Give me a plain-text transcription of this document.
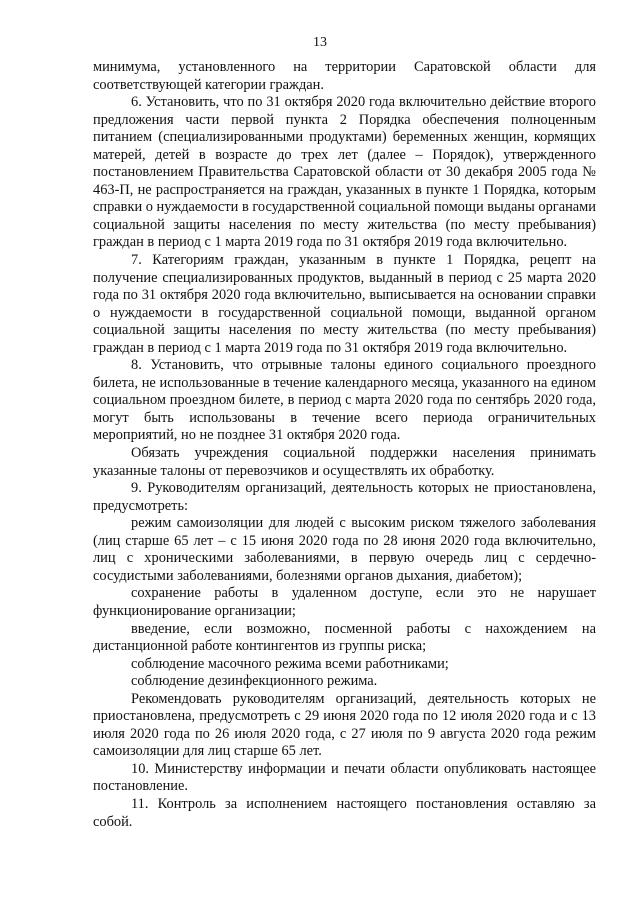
13

минимума, установленного на территории Саратовской области для соответствующей категории граждан.

6. Установить, что по 31 октября 2020 года включительно действие второго предложения части первой пункта 2 Порядка обеспечения полноценным питанием (специализированными продуктами) беременных женщин, кормящих матерей, детей в возрасте до трех лет (далее – Порядок), утвержденного постановлением Правительства Саратовской области от 30 декабря 2005 года № 463-П, не распространяется на граждан, указанных в пункте 1 Порядка, которым справки о нуждаемости в государственной социальной помощи выданы органами социальной защиты населения по месту жительства (по месту пребывания) граждан в период с 1 марта 2019 года по 31 октября 2019 года включительно.

7. Категориям граждан, указанным в пункте 1 Порядка, рецепт на получение специализированных продуктов, выданный в период с 25 марта 2020 года по 31 октября 2020 года включительно, выписывается на основании справки о нуждаемости в государственной социальной помощи, выданной органом социальной защиты населения по месту жительства (по месту пребывания) граждан в период с 1 марта 2019 года по 31 октября 2019 года включительно.

8. Установить, что отрывные талоны единого социального проездного билета, не использованные в течение календарного месяца, указанного на едином социальном проездном билете, в период с марта 2020 года по сентябрь 2020 года, могут быть использованы в течение всего периода ограничительных мероприятий, но не позднее 31 октября 2020 года.

Обязать учреждения социальной поддержки населения принимать указанные талоны от перевозчиков и осуществлять их обработку.

9. Руководителям организаций, деятельность которых не приостановлена, предусмотреть:

режим самоизоляции для людей с высоким риском тяжелого заболевания (лиц старше 65 лет – с 15 июня 2020 года по 28 июня 2020 года включительно, лиц с хроническими заболеваниями, в первую очередь лиц с сердечно-сосудистыми заболеваниями, болезнями органов дыхания, диабетом);

сохранение работы в удаленном доступе, если это не нарушает функционирование организации;

введение, если возможно, посменной работы с нахождением на дистанционной работе контингентов из группы риска;

соблюдение масочного режима всеми работниками;

соблюдение дезинфекционного режима.

Рекомендовать руководителям организаций, деятельность которых не приостановлена, предусмотреть с 29 июня 2020 года по 12 июля 2020 года и с 13 июля 2020 года по 26 июля 2020 года, с 27 июля по 9 августа 2020 года режим самоизоляции для лиц старше 65 лет.

10. Министерству информации и печати области опубликовать настоящее постановление.

11. Контроль за исполнением настоящего постановления оставляю за собой.
